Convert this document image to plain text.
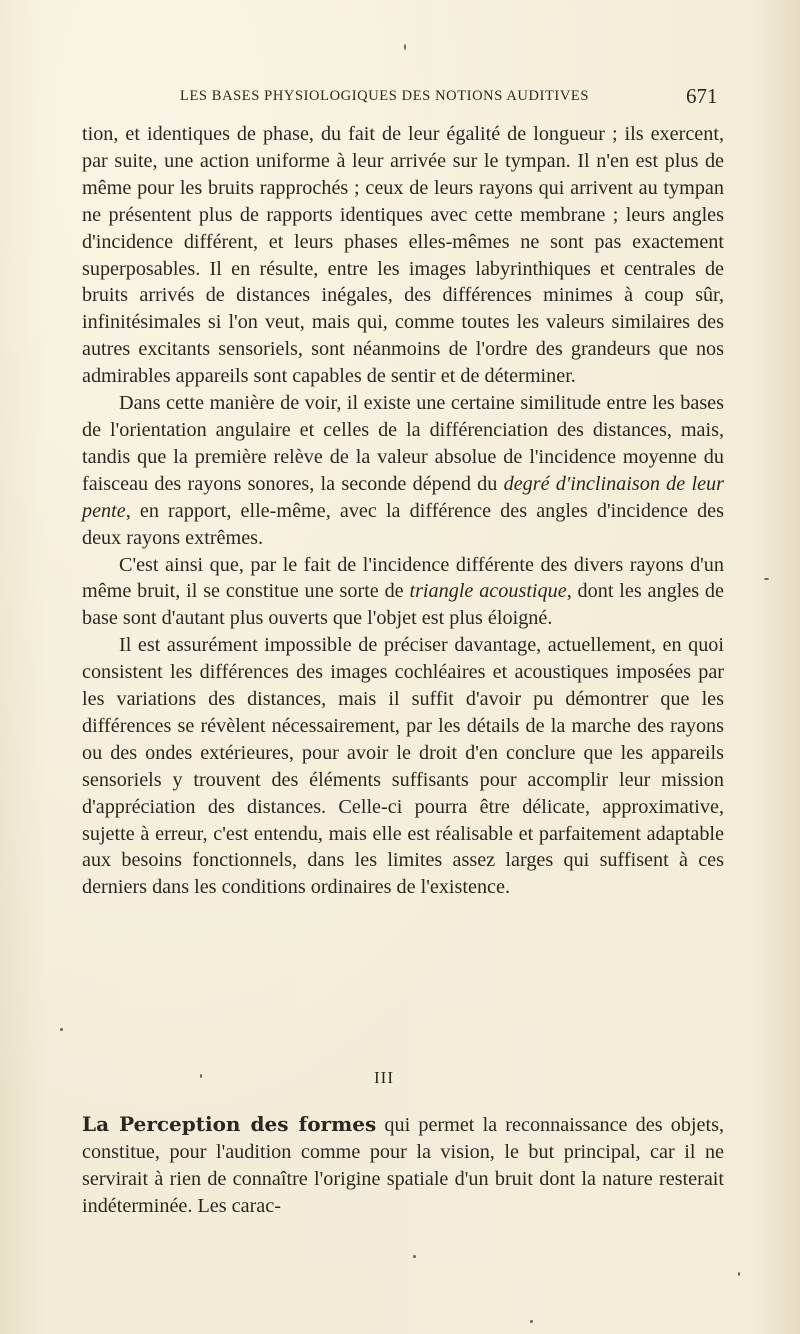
LES BASES PHYSIOLOGIQUES DES NOTIONS AUDITIVES	671

tion, et identiques de phase, du fait de leur égalité de longueur ; ils exercent, par suite, une action uniforme à leur arrivée sur le tympan. Il n'en est plus de même pour les bruits rapprochés ; ceux de leurs rayons qui arrivent au tympan ne présentent plus de rapports identiques avec cette membrane ; leurs angles d'incidence différent, et leurs phases elles-mêmes ne sont pas exactement superposables. Il en résulte, entre les images labyrinthiques et centrales de bruits arrivés de distances inégales, des différences minimes à coup sûr, infinitésimales si l'on veut, mais qui, comme toutes les valeurs similaires des autres excitants sensoriels, sont néanmoins de l'ordre des grandeurs que nos admirables appareils sont capables de sentir et de déterminer.

Dans cette manière de voir, il existe une certaine similitude entre les bases de l'orientation angulaire et celles de la différenciation des distances, mais, tandis que la première relève de la valeur absolue de l'incidence moyenne du faisceau des rayons sonores, la seconde dépend du degré d'inclinaison de leur pente, en rapport, elle-même, avec la différence des angles d'incidence des deux rayons extrêmes.

C'est ainsi que, par le fait de l'incidence différente des divers rayons d'un même bruit, il se constitue une sorte de triangle acoustique, dont les angles de base sont d'autant plus ouverts que l'objet est plus éloigné.

Il est assurément impossible de préciser davantage, actuellement, en quoi consistent les différences des images cochléaires et acoustiques imposées par les variations des distances, mais il suffit d'avoir pu démontrer que les différences se révèlent nécessairement, par les détails de la marche des rayons ou des ondes extérieures, pour avoir le droit d'en conclure que les appareils sensoriels y trouvent des éléments suffisants pour accomplir leur mission d'appréciation des distances. Celle-ci pourra être délicate, approximative, sujette à erreur, c'est entendu, mais elle est réalisable et parfaitement adaptable aux besoins fonctionnels, dans les limites assez larges qui suffisent à ces derniers dans les conditions ordinaires de l'existence.

III
La Perception des formes qui permet la reconnaissance des objets, constitue, pour l'audition comme pour la vision, le but principal, car il ne servirait à rien de connaître l'origine spatiale d'un bruit dont la nature resterait indéterminée. Les carac-
